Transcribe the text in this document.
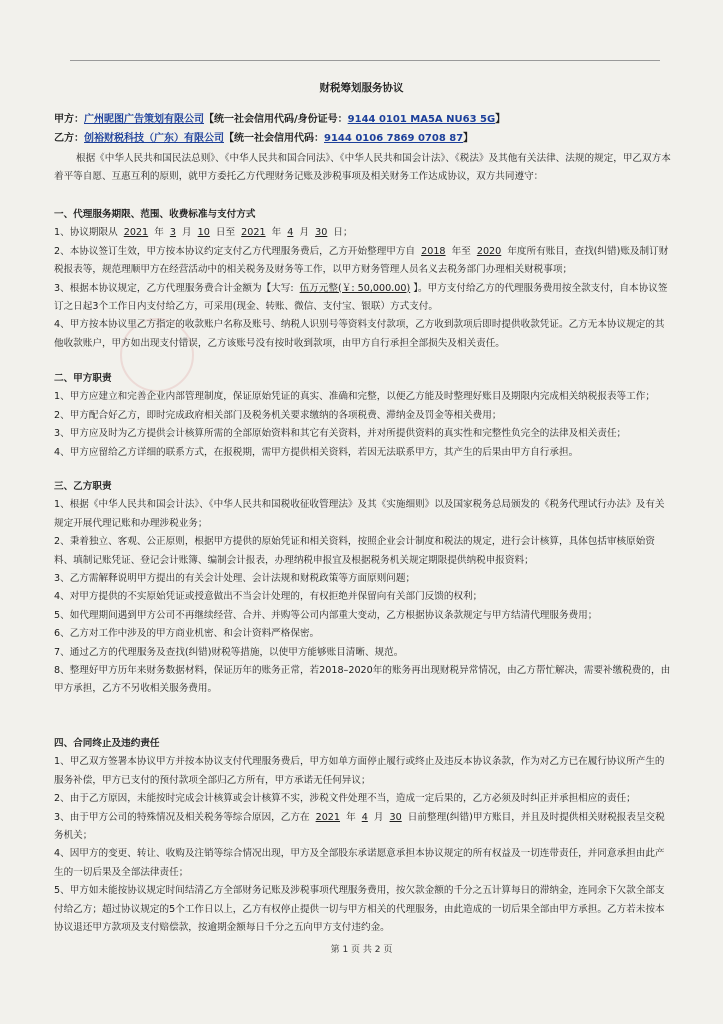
财税筹划服务协议
甲方：广州昵图广告策划有限公司【统一社会信用代码/身份证号：9144 0101 MA5A NU63 5G】
乙方：创裕财税科技（广东）有限公司【统一社会信用代码：9144 0106 7869 0708 87】

根据《中华人民共和国民法总则》、《中华人民共和国合同法》、《中华人民共和国会计法》、《税法》及其他有关法律、法规的规定，甲乙双方本着平等自愿、互惠互利的原则，就甲方委托乙方代理财务记账及涉税事项及相关财务工作达成协议，双方共同遵守：

一、代理服务期限、范围、收费标准与支付方式

1、协议期限从 2021 年 3 月 10 日至 2021 年 4 月 30 日；

2、本协议签订生效，甲方按本协议约定支付乙方代理服务费后，乙方开始整理甲方自 2018 年至 2020 年度所有账目，查找(纠错)账及制订财税报表等，规范理顺甲方在经营活动中的相关税务及财务等工作，以甲方财务管理人员名义去税务部门办理相关财税事项；

3、根据本协议规定，乙方代理服务费合计金额为【大写: 伍万元整(￥: 50,000.00) 】。甲方支付给乙方的代理服务费用按全款支付，自本协议签订之日起3个工作日内支付给乙方，可采用(现金、转账、微信、支付宝、银联）方式支付。

4、甲方按本协议里乙方指定的收款账户名称及账号、纳税人识别号等资料支付款项，乙方收到款项后即时提供收款凭证。乙方无本协议规定的其他收款账户，甲方如出现支付错误，乙方该账号没有按时收到款项，由甲方自行承担全部损失及相关责任。

二、甲方职责

1、甲方应建立和完善企业内部管理制度，保证原始凭证的真实、准确和完整，以便乙方能及时整理好账目及期限内完成相关纳税报表等工作；

2、甲方配合好乙方，即时完成政府相关部门及税务机关要求缴纳的各项税费、滞纳金及罚金等相关费用；

3、甲方应及时为乙方提供会计核算所需的全部原始资料和其它有关资料，并对所提供资料的真实性和完整性负完全的法律及相关责任；

4、甲方应留给乙方详细的联系方式，在报税期，需甲方提供相关资料，若因无法联系甲方，其产生的后果由甲方自行承担。

三、乙方职责

1、根据《中华人民共和国会计法》、《中华人民共和国税收征收管理法》及其《实施细则》以及国家税务总局颁发的《税务代理试行办法》及有关规定开展代理记账和办理涉税业务；

2、秉着独立、客观、公正原则，根据甲方提供的原始凭证和相关资料，按照企业会计制度和税法的规定，进行会计核算，具体包括审核原始资料、填制记账凭证、登记会计账簿、编制会计报表，办理纳税申报宜及根据税务机关规定期限提供纳税申报资料；

3、乙方需解释说明甲方提出的有关会计处理、会计法规和财税政策等方面原则问题；

4、对甲方提供的不实原始凭证或授意做出不当会计处理的，有权拒绝并保留向有关部门反馈的权利；

5、如代理期间遇到甲方公司不再继续经营、合并、并购等公司内部重大变动，乙方根据协议条款规定与甲方结清代理服务费用；

6、乙方对工作中涉及的甲方商业机密、和会计资料严格保密。

7、通过乙方的代理服务及查找(纠错)财税等措施，以使甲方能够账目清晰、规范。

8、整理好甲方历年来财务数据材料，保证历年的账务正常，若2018–2020年的账务再出现财税异常情况，由乙方帮忙解决，需要补缴税费的，由甲方承担，乙方不另收相关服务费用。

四、合同终止及违约责任

1、甲乙双方签署本协议甲方并按本协议支付代理服务费后，甲方如单方面停止履行或终止及违反本协议条款，作为对乙方已在履行协议所产生的服务补偿，甲方已支付的预付款项全部归乙方所有，甲方承诺无任何异议；

2、由于乙方原因，未能按时完成会计核算或会计核算不实，涉税文件处理不当，造成一定后果的，乙方必须及时纠正并承担相应的责任；

3、由于甲方公司的特殊情况及相关税务等综合原因，乙方在 2021 年 4 月 30 日前整理(纠错)甲方账目，并且及时提供相关财税报表呈交税务机关；

4、因甲方的变更、转让、收购及注销等综合情况出现，甲方及全部股东承诺愿意承担本协议规定的所有权益及一切连带责任，并同意承担由此产生的一切后果及全部法律责任；

5、甲方如未能按协议规定时间结清乙方全部财务记账及涉税事项代理服务费用，按欠款金额的千分之五计算每日的滞纳金，连同余下欠款全部支付给乙方；超过协议规定的5个工作日以上，乙方有权停止提供一切与甲方相关的代理服务，由此造成的一切后果全部由甲方承担。乙方若未按本协议退还甲方款项及支付赔偿款，按逾期金额每日千分之五向甲方支付违约金。

第 1 页 共 2 页
